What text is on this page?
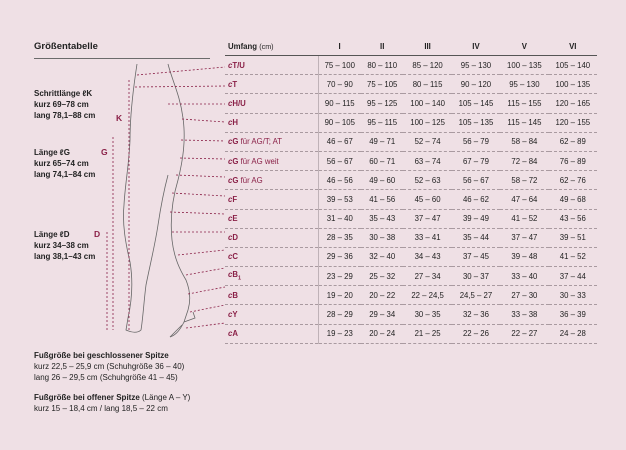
Größentabelle
Schrittlänge ℓK
kurz 69–78 cm
lang 78,1–88 cm K
Länge ℓG
kurz 65–74 cm
lang 74,1–84 cm
G
Länge ℓD
kurz 34–38 cm
lang 38,1–43 cm
D
Umfang (cm)	I	II	III	IV	V	VI
cT/U	75 – 100	80 – 110	85 – 120	95 – 130	100 – 135	105 – 140
cT	70 – 90	75 – 105	80 – 115	90 – 120	95 – 130	100 – 135
cH/U	90 – 115	95 – 125	100 – 140	105 – 145	115 – 155	120 – 165
cH	90 – 105	95 – 115	100 – 125	105 – 135	115 – 145	120 – 155
cG für AG/T; AT	46 – 67	49 – 71	52 – 74	56 – 79	58 – 84	62 – 89
cG für AG weit	56 – 67	60 – 71	63 – 74	67 – 79	72 – 84	76 – 89
cG für AG	46 – 56	49 – 60	52 – 63	56 – 67	58 – 72	62 – 76
cF	39 – 53	41 – 56	45 – 60	46 – 62	47 – 64	49 – 68
cE	31 – 40	35 – 43	37 – 47	39 – 49	41 – 52	43 – 56
cD	28 – 35	30 – 38	33 – 41	35 – 44	37 – 47	39 – 51
cC	29 – 36	32 – 40	34 – 43	37 – 45	39 – 48	41 – 52
$cB_1$	23 – 29	25 – 32	27 – 34	30 – 37	33 – 40	37 – 44
cB	19 – 20	20 – 22	22 – 24,5	24,5 – 27	27 – 30	30 – 33
cY	28 – 29	29 – 34	30 – 35	32 – 36	33 – 38	36 – 39
cA	19 – 23	20 – 24	21 – 25	22 – 26	22 – 27	24 – 28
Fußgröße bei geschlossener Spitze
kurz 22,5 – 25,9 cm (Schuhgröße 36 – 40)
lang 26 – 29,5 cm (Schuhgröße 41 – 45)
Fußgröße bei offener Spitze (Länge A – Y)
kurz 15 – 18,4 cm / lang 18,5 – 22 cm
